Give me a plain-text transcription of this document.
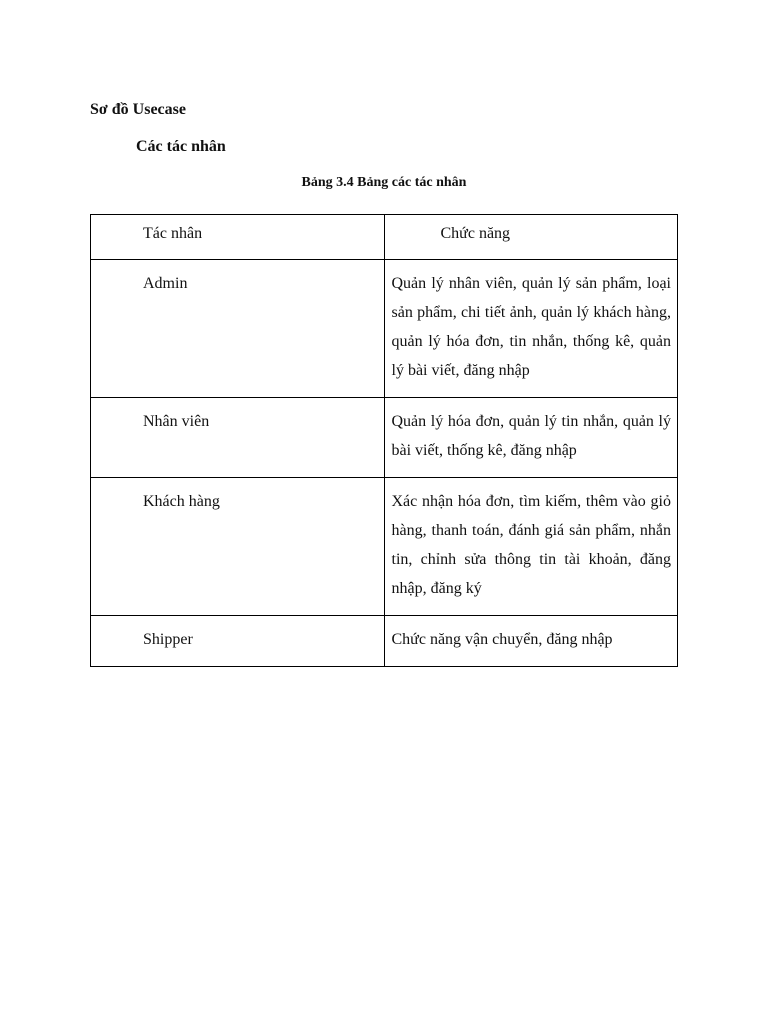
Sơ đồ Usecase
Các tác nhân
Bảng 3.4 Bảng các tác nhân
Tác nhân	Chức năng
Admin	Quản lý nhân viên, quản lý sản phẩm, loại sản phẩm, chi tiết ảnh, quản lý khách hàng, quản lý hóa đơn, tin nhắn, thống kê, quản lý bài viết, đăng nhập
Nhân viên	Quản lý hóa đơn, quản lý tin nhắn, quản lý bài viết, thống kê, đăng nhập
Khách hàng	Xác nhận hóa đơn, tìm kiếm, thêm vào giỏ hàng, thanh toán, đánh giá sản phẩm, nhắn tin, chỉnh sửa thông tin tài khoản, đăng nhập, đăng ký
Shipper	Chức năng vận chuyển, đăng nhập
